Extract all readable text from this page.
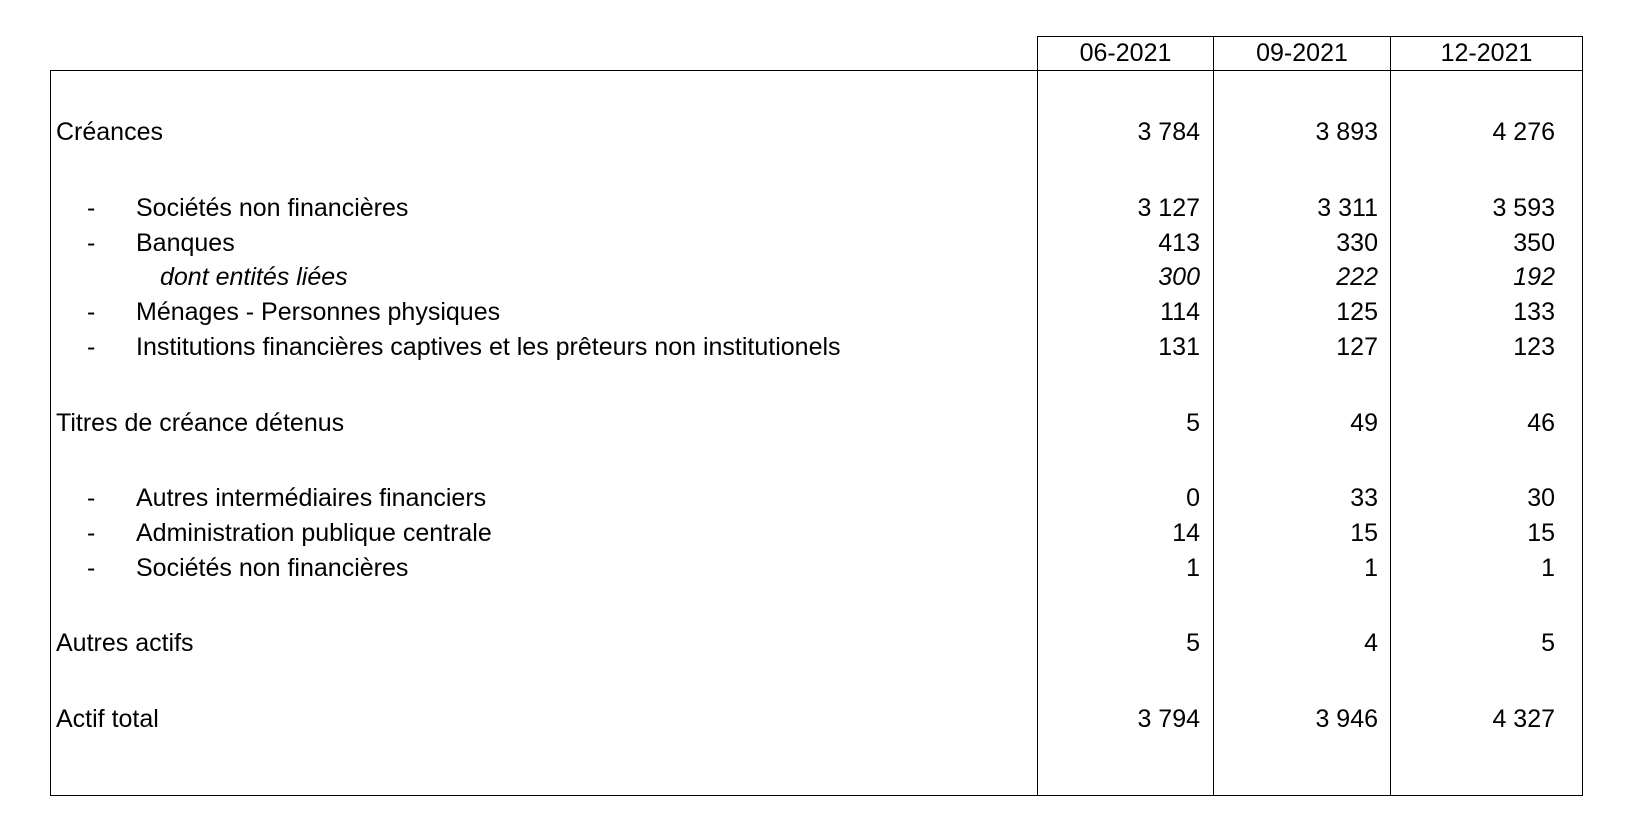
06-2021	09-2021	12-2021
Créances	3 784	3 893	4 276
- Sociétés non financières	3 127	3 311	3 593
- Banques	413	330	350
dont entités liées	300	222	192
- Ménages - Personnes physiques	114	125	133
- Institutions financières captives et les prêteurs non institutionels	131	127	123
Titres de créance détenus	5	49	46
- Autres intermédiaires financiers	0	33	30
- Administration publique centrale	14	15	15
- Sociétés non financières	1	1	1
Autres actifs	5	4	5
Actif total	3 794	3 946	4 327
